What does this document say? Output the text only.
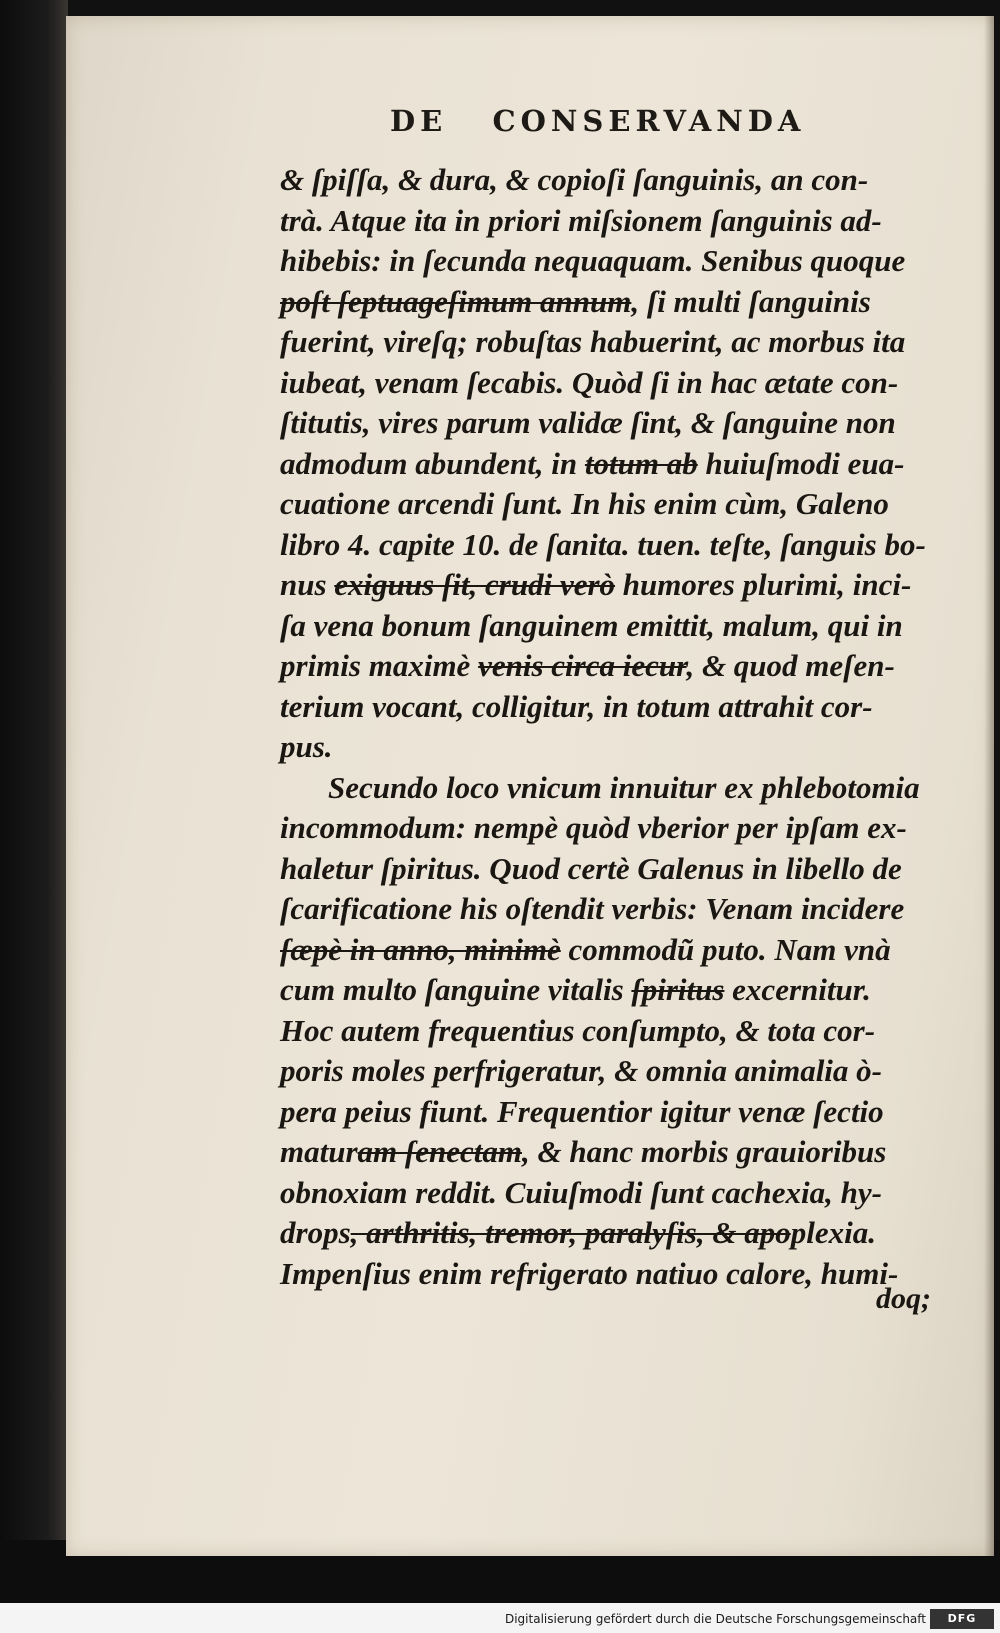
DE   CONSERVANDA
& ſpiſſa, & dura, & copioſi ſanguinis, an con-
trà. Atque ita in priori miſsionem ſanguinis ad-
hibebis: in ſecunda nequaquam. Senibus quoque
poſt ſeptuageſimum annum, ſi multi ſanguinis
fuerint, vireſq; robuſtas habuerint, ac morbus ita
iubeat, venam ſecabis. Quòd ſi in hac ætate con-
ſtitutis, vires parum validæ ſint, & ſanguine non
admodum abundent, in totum ab huiuſmodi eua-
cuatione arcendi ſunt. In his enim cùm, Galeno
libro 4. capite 10. de ſanita. tuen. teſte, ſanguis bo-
nus exiguus ſit, crudi verò humores plurimi, inci-
ſa vena bonum ſanguinem emittit, malum, qui in
primis maximè venis circa iecur, & quod meſen-
terium vocant, colligitur, in totum attrahit cor-
pus.
Secundo loco vnicum innuitur ex phlebotomia
incommodum: nempè quòd vberior per ipſam ex-
haletur ſpiritus. Quod certè Galenus in libello de
ſcarificatione his oſtendit verbis: Venam incidere
ſæpè in anno, minimè commodũ puto. Nam vnà
cum multo ſanguine vitalis ſpiritus excernitur.
Hoc autem frequentius conſumpto, & tota cor-
poris moles perfrigeratur, & omnia animalia ò-
pera peius fiunt. Frequentior igitur venæ ſectio
maturam ſenectam, & hanc morbis grauioribus
obnoxiam reddit. Cuiuſmodi ſunt cachexia, hy-
drops, arthritis, tremor, paralyſis, & apoplexia.
Impenſius enim refrigerato natiuo calore, humi-
doq;
Digitalisierung gefördert durch die Deutsche Forschungsgemeinschaft	DFG
